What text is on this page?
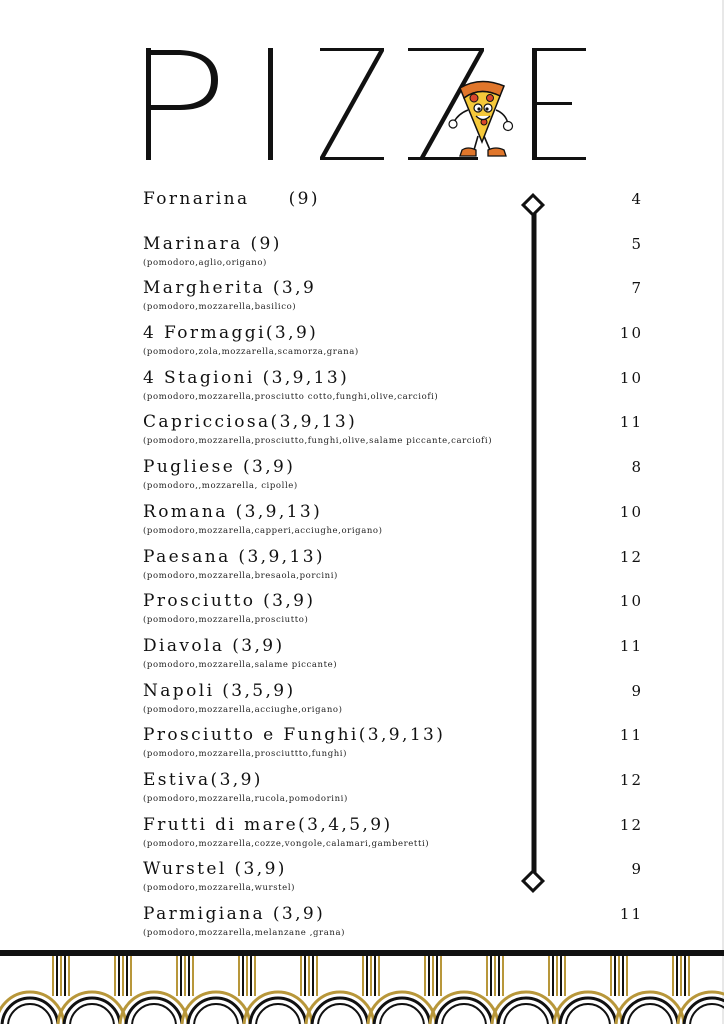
Fornarina     (9)	4
Marinara (9)
(pomodoro,aglio,origano)
5
Margherita (3,9
(pomodoro,mozzarella,basilico)
7
4 Formaggi(3,9)
(pomodoro,zola,mozzarella,scamorza,grana)
10
4 Stagioni (3,9,13)
(pomodoro,mozzarella,prosciutto cotto,funghi,olive,carciofi)
10
Capricciosa(3,9,13)
(pomodoro,mozzarella,prosciutto,funghi,olive,salame piccante,carciofi)
11
Pugliese (3,9)
(pomodoro,,mozzarella, cipolle)
8
Romana (3,9,13)
(pomodoro,mozzarella,capperi,acciughe,origano)
10
Paesana (3,9,13)
(pomodoro,mozzarella,bresaola,porcini)
12
Prosciutto (3,9)
(pomodoro,mozzarella,prosciutto)
10
Diavola (3,9)
(pomodoro,mozzarella,salame piccante)
11
Napoli (3,5,9)
(pomodoro,mozzarella,acciughe,origano)
9
Prosciutto e Funghi(3,9,13)
(pomodoro,mozzarella,prosciuttto,funghi)
11
Estiva(3,9)
(pomodoro,mozzarella,rucola,pomodorini)
12
Frutti di mare(3,4,5,9)
(pomodoro,mozzarella,cozze,vongole,calamari,gamberetti)
12
Wurstel (3,9)
(pomodoro,mozzarella,wurstel)
9
Parmigiana (3,9)
(pomodoro,mozzarella,melanzane ,grana)
11
